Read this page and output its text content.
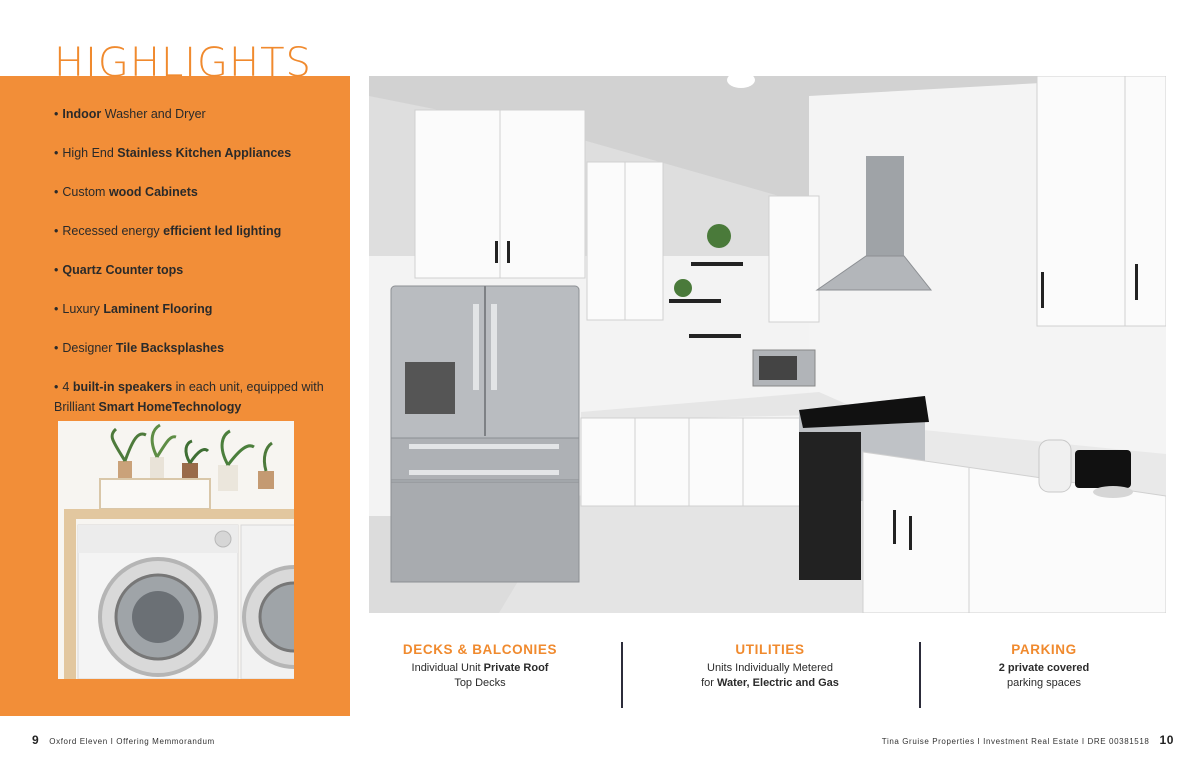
HIGHLIGHTS
• Indoor Washer and Dryer
• High End Stainless Kitchen Appliances
• Custom wood Cabinets
• Recessed energy efficient led lighting
• Quartz Counter tops
• Luxury Laminent Flooring
• Designer Tile Backsplashes
• 4 built-in speakers in each unit, equipped with Brilliant Smart HomeTechnology
DECKS & BALCONIES

Individual Unit Private Roof
Top Decks

UTILITIES

Units Individually Metered
for Water, Electric and Gas

PARKING

2 private covered
parking spaces

9 Oxford Eleven I Offering Memmorandum	Tina Gruise Properties I Investment Real Estate I DRE 00381518 10
